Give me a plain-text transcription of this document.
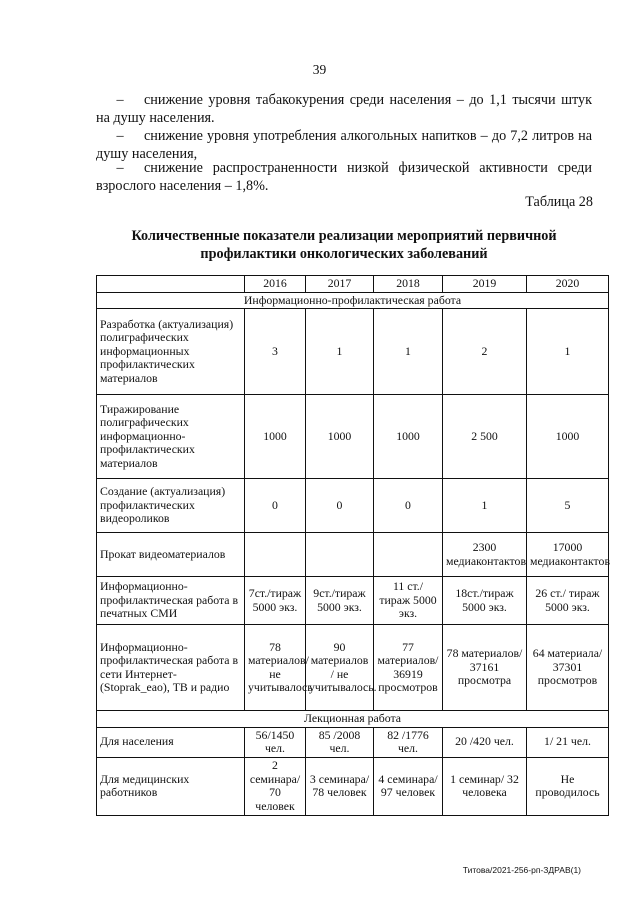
39
– снижение уровня табакокурения среди населения – до 1,1 тысячи штук на душу населения.
– снижение уровня употребления алкогольных напитков – до 7,2 литров на душу населения,
– снижение распространенности низкой физической активности среди взрослого населения – 1,8%.
Таблица 28
Количественные показатели реализации мероприятий первичной профилактики онкологических заболеваний
	2016	2017	2018	2019	2020
Информационно-профилактическая работа					
Разработка (актуализация) полиграфических информационных профилактических материалов	3	1	1	2	1
Тиражирование полиграфических информационно-профилактических материалов	1000	1000	1000	2 500	1000
Создание (актуализация) профилактических видеороликов	0	0	0	1	5
Прокат видеоматериалов				2300 медиаконтактов	17000 медиаконтактов
Информационно-профилактическая работа в печатных СМИ	7ст./тираж 5000 экз.	9ст./тираж 5000 экз.	11 ст./ тираж 5000 экз.	18ст./тираж 5000 экз.	26 ст./ тираж 5000 экз.
Информационно-профилактическая работа в сети Интернет-(Stoprak_eao), ТВ и радио	78 материалов/ не учитывалось	90 материалов / не учитывалось.	77 материалов/ 36919 просмотров	78 материалов/ 37161 просмотра	64 материала/ 37301 просмотров
Лекционная работа					
Для населения	56/1450 чел.	85 /2008 чел.	82 /1776 чел.	20 /420 чел.	1/ 21 чел.
Для медицинских работников	2 семинара/ 70 человек	3 семинара/ 78 человек	4 семинара/ 97 человек	1 семинар/ 32 человека	Не проводилось
Титова/2021-256-рп-ЗДРАВ(1)
